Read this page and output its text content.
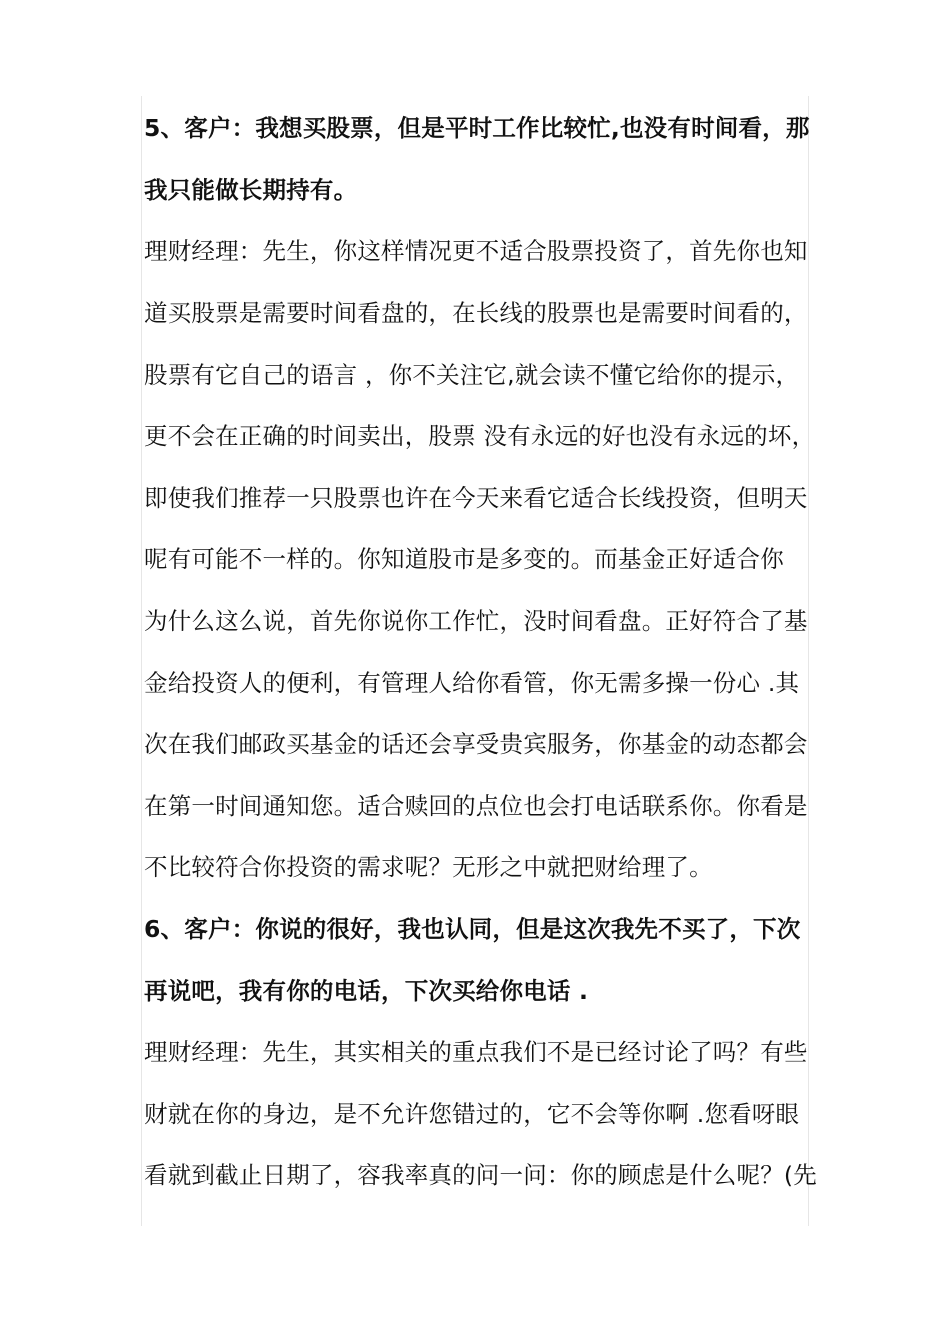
5、客户：我想买股票，但是平时工作比较忙,也没有时间看，那
我只能做长期持有。
理财经理：先生，你这样情况更不适合股票投资了，首先你也知
道买股票是需要时间看盘的，在长线的股票也是需要时间看的，
股票有它自己的语言 ，你不关注它,就会读不懂它给你的提示，
更不会在正确的时间卖出，股票 没有永远的好也没有永远的坏，
即使我们推荐一只股票也许在今天来看它适合长线投资，但明天
呢有可能不一样的。你知道股市是多变的。而基金正好适合你
为什么这么说，首先你说你工作忙，没时间看盘。正好符合了基
金给投资人的便利，有管理人给你看管，你无需多操一份心 .其
次在我们邮政买基金的话还会享受贵宾服务，你基金的动态都会
在第一时间通知您。适合赎回的点位也会打电话联系你。你看是
不比较符合你投资的需求呢？无形之中就把财给理了。
6、客户：你说的很好，我也认同，但是这次我先不买了，下次
再说吧，我有你的电话，下次买给你电话 .
理财经理：先生，其实相关的重点我们不是已经讨论了吗？有些
财就在你的身边，是不允许您错过的，它不会等你啊 .您看呀眼
看就到截止日期了，容我率真的问一问：你的顾虑是什么呢？(先
